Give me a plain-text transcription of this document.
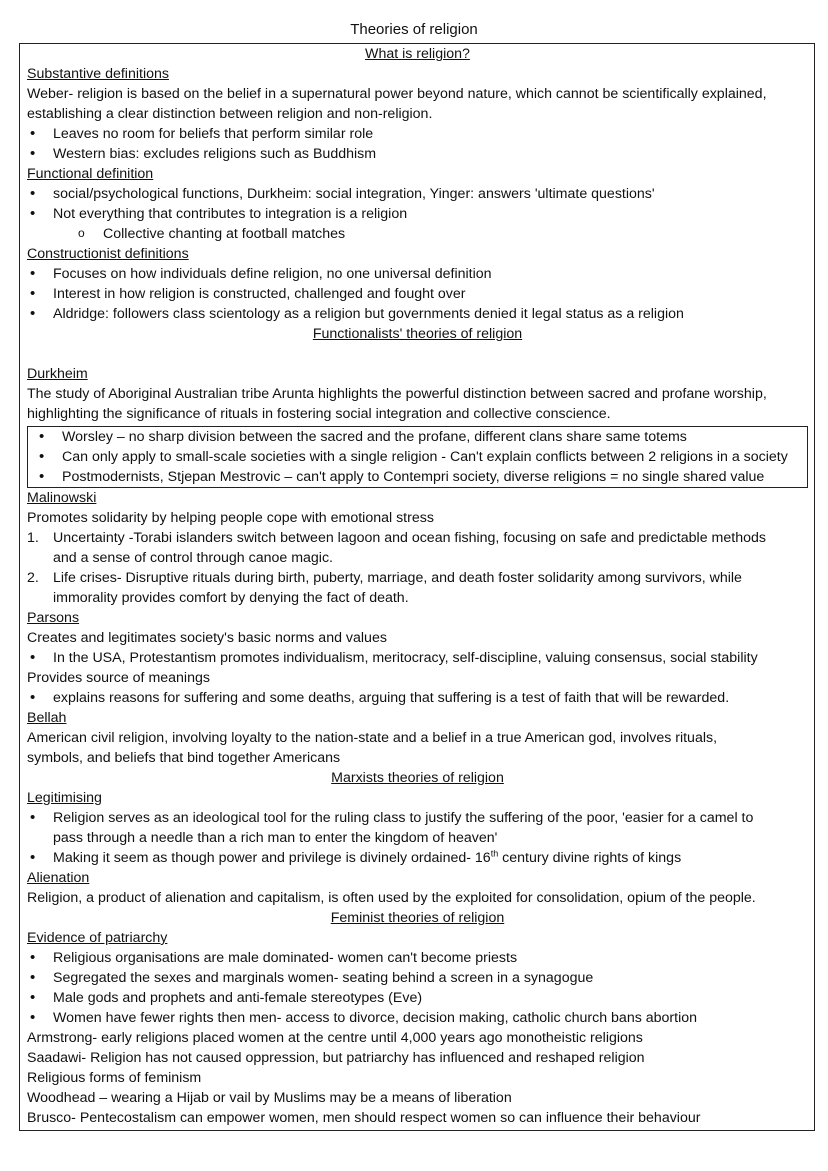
Theories of religion
What is religion?
Substantive definitions
Weber- religion is based on the belief in a supernatural power beyond nature, which cannot be scientifically explained,
establishing a clear distinction between religion and non-religion.
• Leaves no room for beliefs that perform similar role
• Western bias: excludes religions such as Buddhism
Functional definition
• social/psychological functions, Durkheim: social integration, Yinger: answers 'ultimate questions'
• Not everything that contributes to integration is a religion
o Collective chanting at football matches
Constructionist definitions
• Focuses on how individuals define religion, no one universal definition
• Interest in how religion is constructed, challenged and fought over
• Aldridge: followers class scientology as a religion but governments denied it legal status as a religion
Functionalists' theories of religion
Durkheim
The study of Aboriginal Australian tribe Arunta highlights the powerful distinction between sacred and profane worship,
highlighting the significance of rituals in fostering social integration and collective conscience.
• Worsley – no sharp division between the sacred and the profane, different clans share same totems
• Can only apply to small-scale societies with a single religion - Can't explain conflicts between 2 religions in a society
• Postmodernists, Stjepan Mestrovic – can't apply to Contempri society, diverse religions = no single shared value
Malinowski
Promotes solidarity by helping people cope with emotional stress
1. Uncertainty -Torabi islanders switch between lagoon and ocean fishing, focusing on safe and predictable methods
and a sense of control through canoe magic.
2. Life crises- Disruptive rituals during birth, puberty, marriage, and death foster solidarity among survivors, while
immorality provides comfort by denying the fact of death.
Parsons
Creates and legitimates society's basic norms and values
• In the USA, Protestantism promotes individualism, meritocracy, self-discipline, valuing consensus, social stability
Provides source of meanings
• explains reasons for suffering and some deaths, arguing that suffering is a test of faith that will be rewarded.
Bellah
American civil religion, involving loyalty to the nation-state and a belief in a true American god, involves rituals,
symbols, and beliefs that bind together Americans
Marxists theories of religion
Legitimising
• Religion serves as an ideological tool for the ruling class to justify the suffering of the poor, 'easier for a camel to
pass through a needle than a rich man to enter the kingdom of heaven'
• Making it seem as though power and privilege is divinely ordained- 16th century divine rights of kings
Alienation
Religion, a product of alienation and capitalism, is often used by the exploited for consolidation, opium of the people.
Feminist theories of religion
Evidence of patriarchy
• Religious organisations are male dominated- women can't become priests
• Segregated the sexes and marginals women- seating behind a screen in a synagogue
• Male gods and prophets and anti-female stereotypes (Eve)
• Women have fewer rights then men- access to divorce, decision making, catholic church bans abortion
Armstrong- early religions placed women at the centre until 4,000 years ago monotheistic religions
Saadawi- Religion has not caused oppression, but patriarchy has influenced and reshaped religion
Religious forms of feminism
Woodhead – wearing a Hijab or vail by Muslims may be a means of liberation
Brusco- Pentecostalism can empower women, men should respect women so can influence their behaviour
